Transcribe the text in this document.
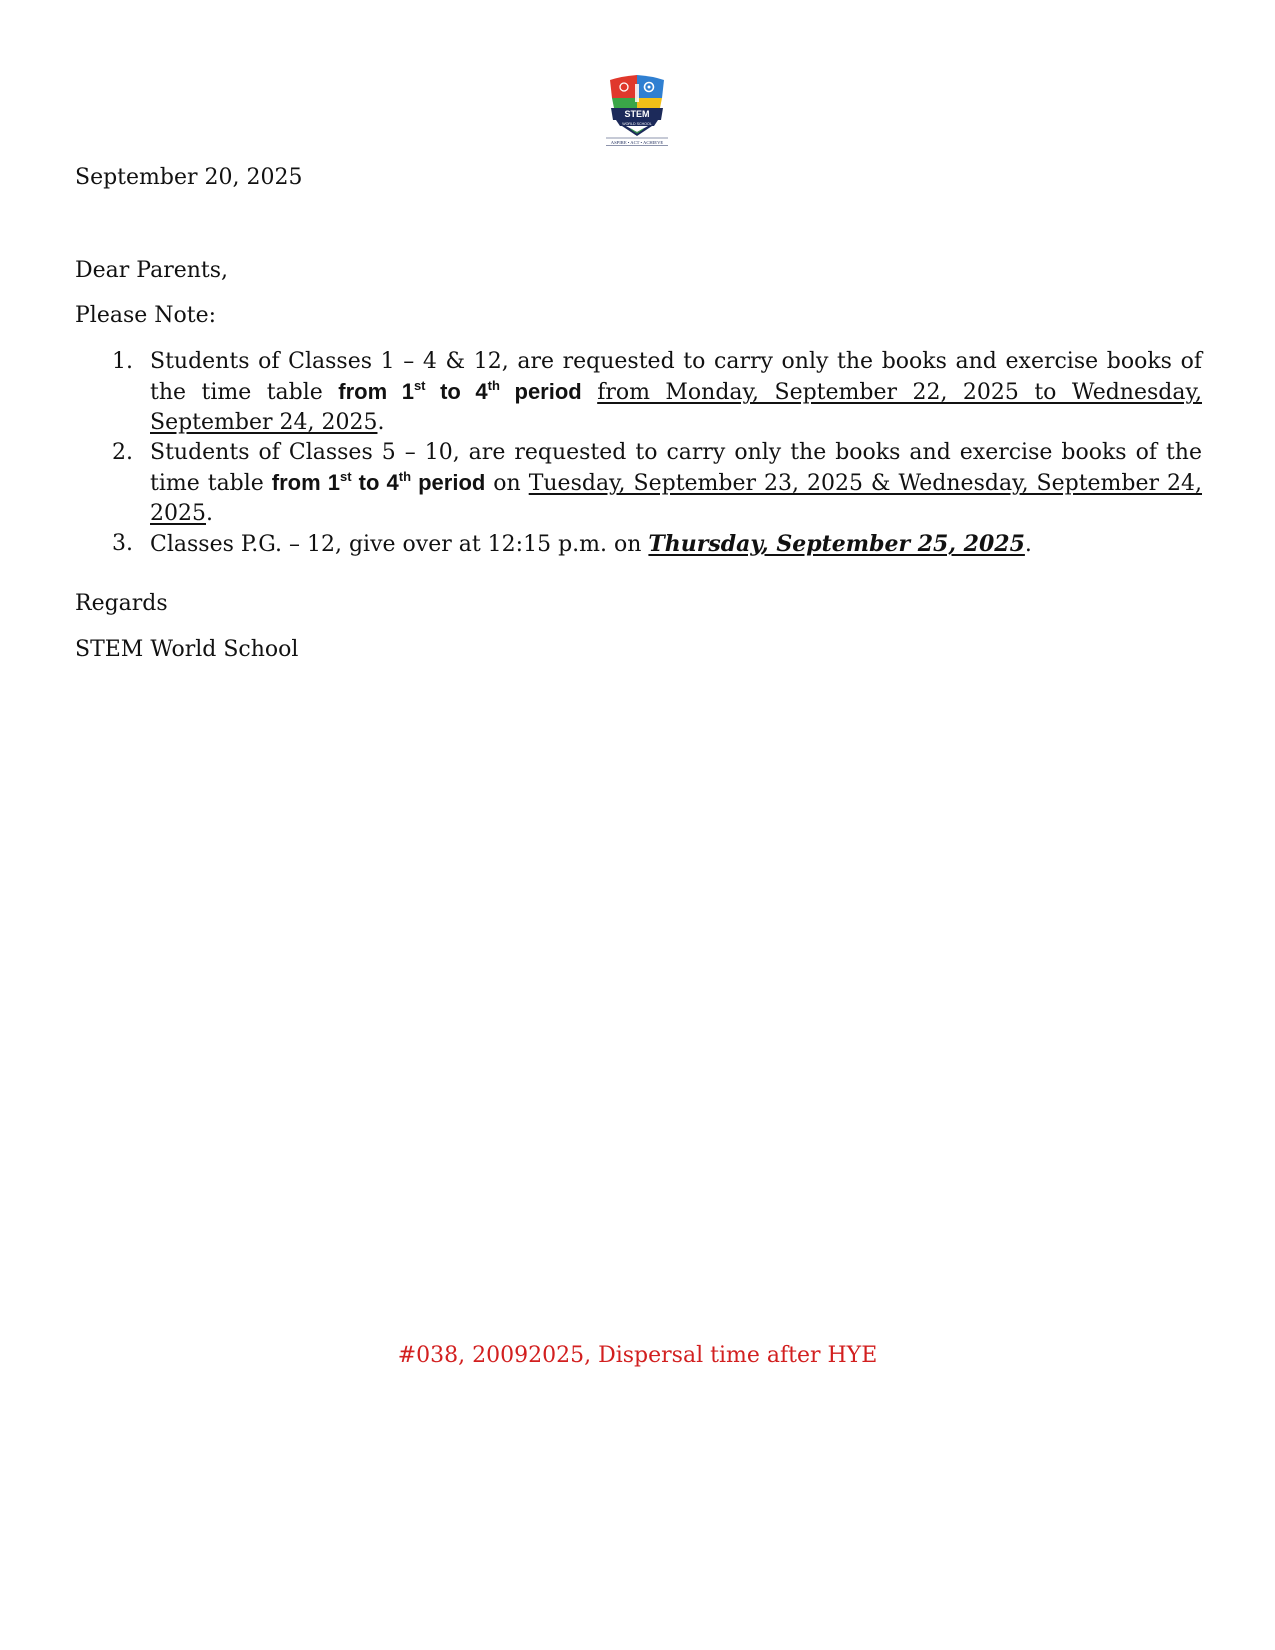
STEM
WORLD SCHOOL
ASPIRE • ACT • ACHIEVE
September 20, 2025
Dear Parents,
Please Note:
1. Students of Classes 1 – 4 & 12, are requested to carry only the books and exercise books of the time table from 1st to 4th period from Monday, September 22, 2025 to Wednesday, September 24, 2025.
2. Students of Classes 5 – 10, are requested to carry only the books and exercise books of the time table from 1st to 4th period on Tuesday, September 23, 2025 & Wednesday, September 24, 2025.
3. Classes P.G. – 12, give over at 12:15 p.m. on Thursday, September 25, 2025.
Regards
STEM World School
#038, 20092025, Dispersal time after HYE
